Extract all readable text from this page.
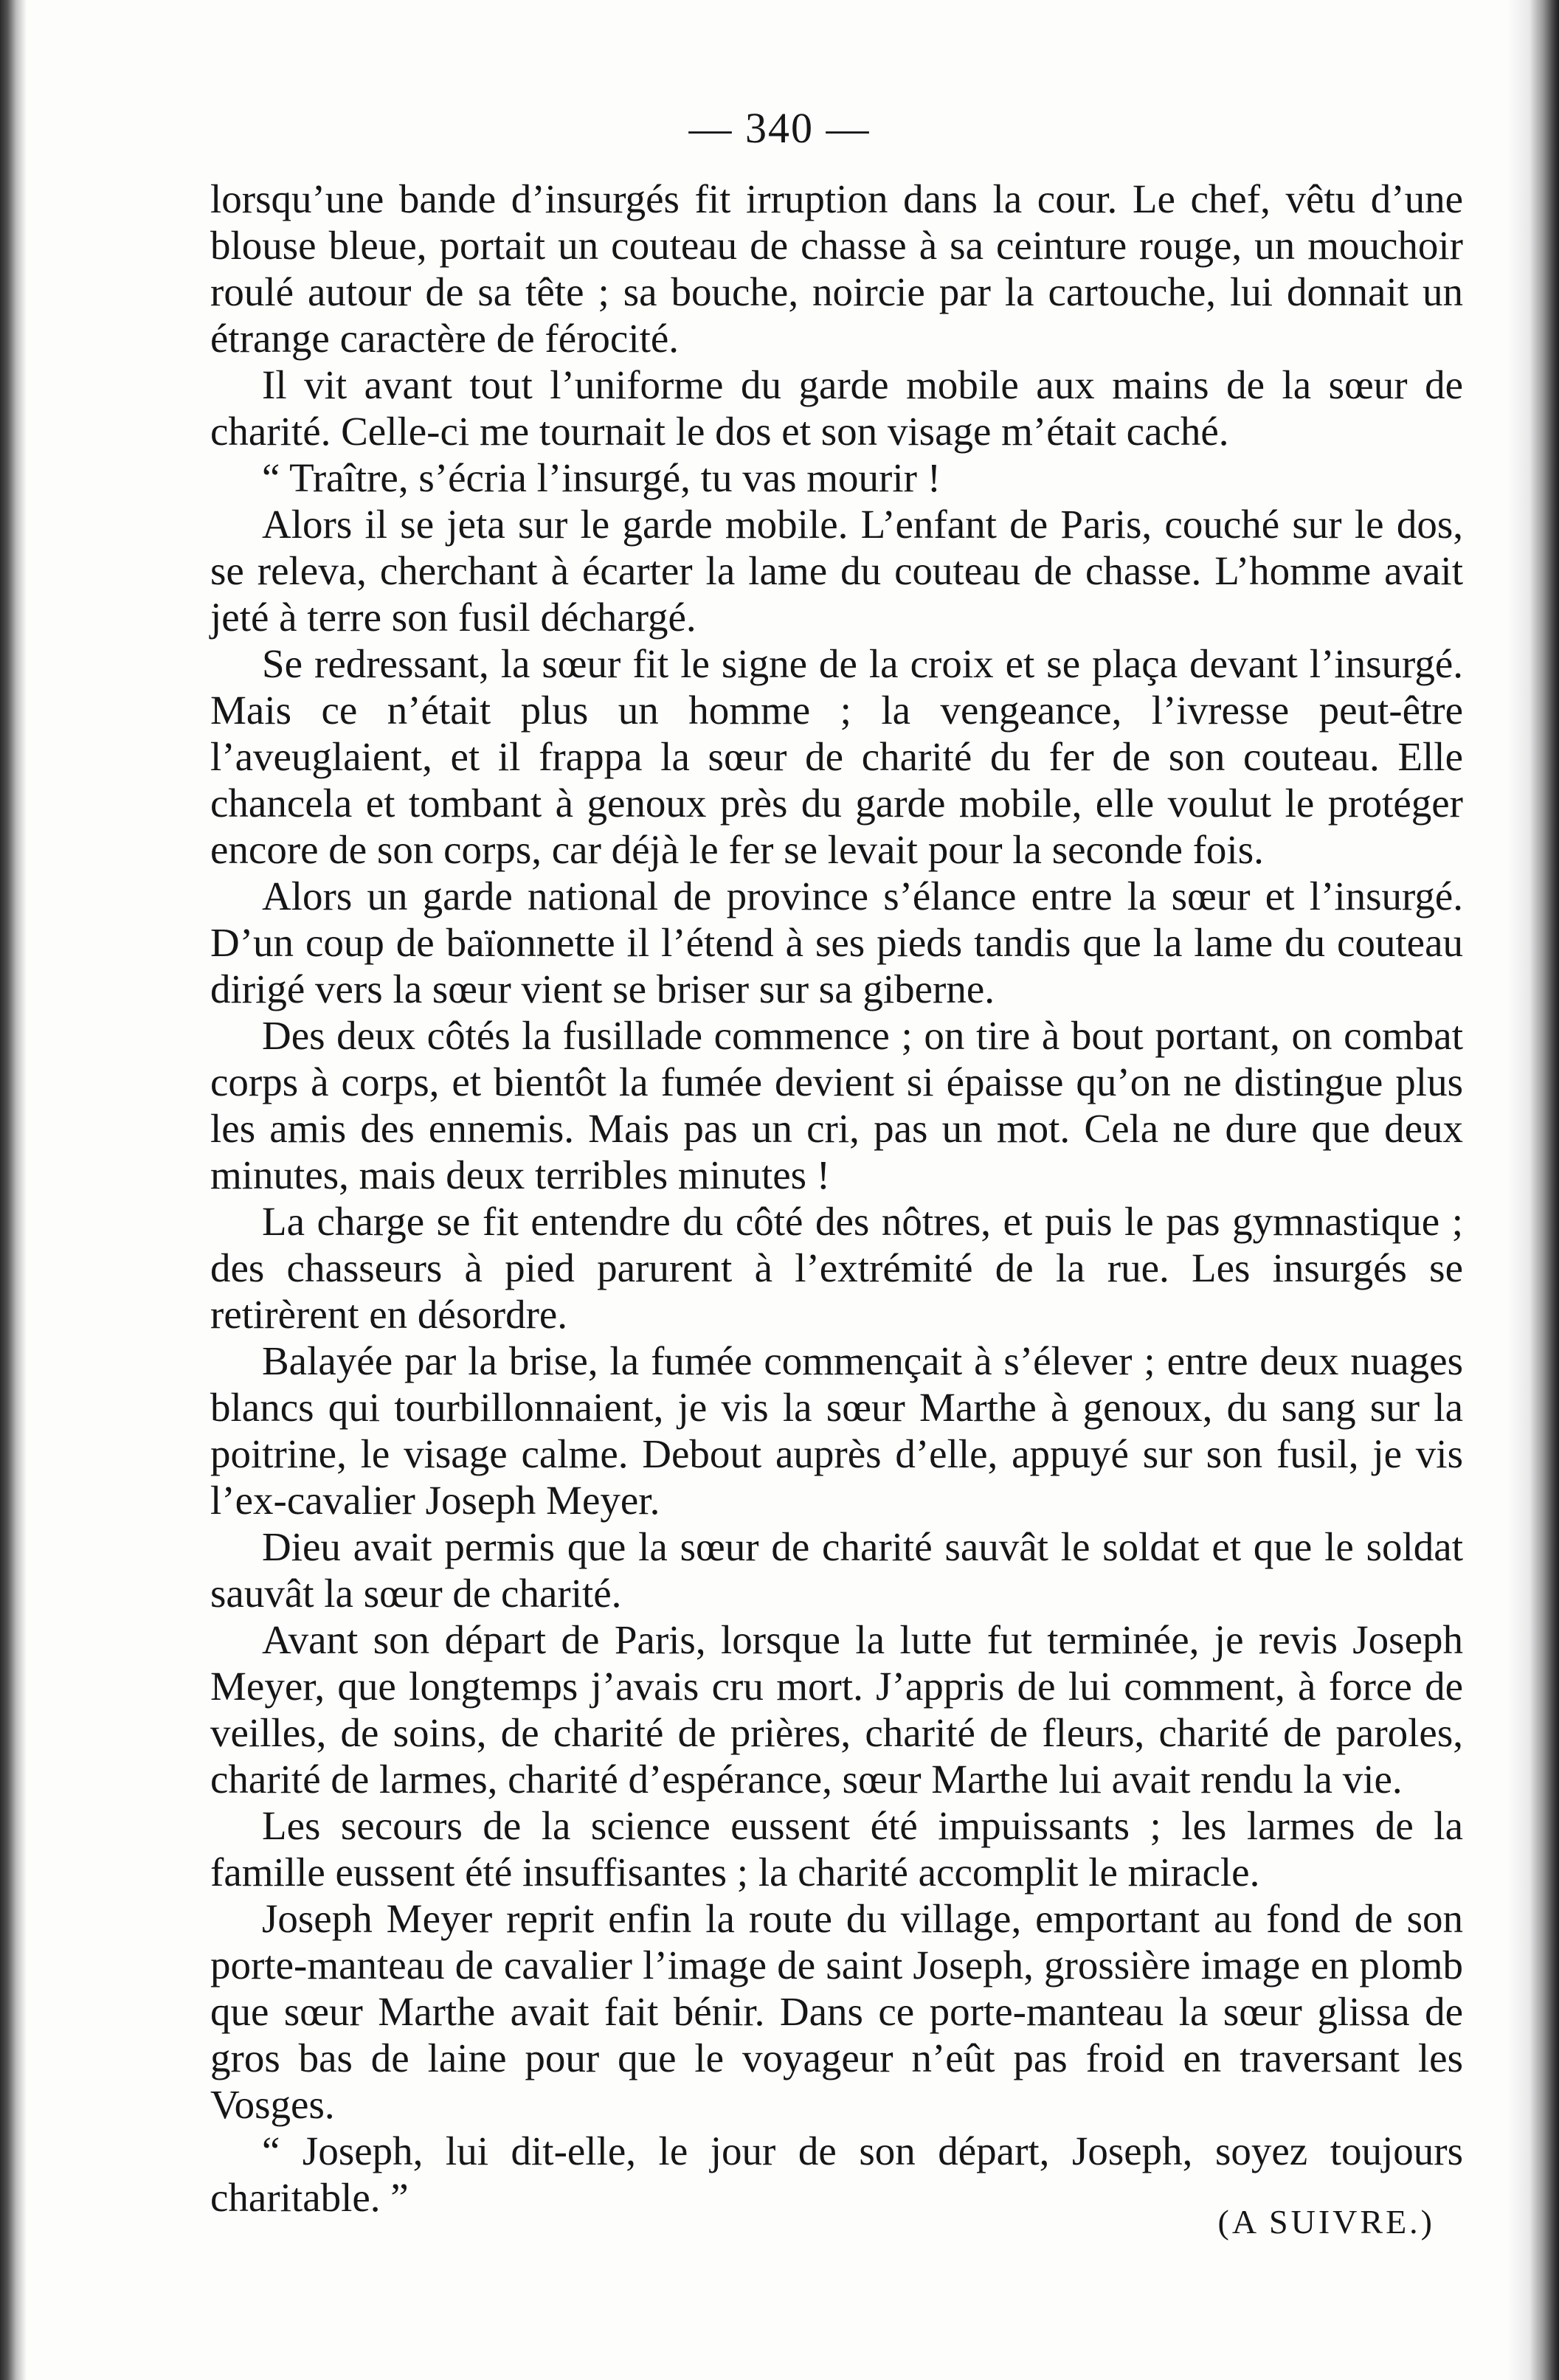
— 340 —

lorsqu’une bande d’insurgés fit irruption dans la cour. Le chef, vêtu d’une blouse bleue, portait un couteau de chasse à sa ceinture rouge, un mouchoir roulé autour de sa tête ; sa bouche, noircie par la cartouche, lui donnait un étrange caractère de férocité.

Il vit avant tout l’uniforme du garde mobile aux mains de la sœur de charité. Celle-ci me tournait le dos et son visage m’était caché.

“ Traître, s’écria l’insurgé, tu vas mourir !

Alors il se jeta sur le garde mobile. L’enfant de Paris, couché sur le dos, se releva, cherchant à écarter la lame du couteau de chasse. L’homme avait jeté à terre son fusil déchargé.

Se redressant, la sœur fit le signe de la croix et se plaça devant l’insurgé. Mais ce n’était plus un homme ; la vengeance, l’ivresse peut-être l’aveuglaient, et il frappa la sœur de charité du fer de son couteau. Elle chancela et tombant à genoux près du garde mobile, elle voulut le protéger encore de son corps, car déjà le fer se levait pour la seconde fois.

Alors un garde national de province s’élance entre la sœur et l’insurgé. D’un coup de baïonnette il l’étend à ses pieds tandis que la lame du couteau dirigé vers la sœur vient se briser sur sa giberne.

Des deux côtés la fusillade commence ; on tire à bout portant, on combat corps à corps, et bientôt la fumée devient si épaisse qu’on ne distingue plus les amis des ennemis. Mais pas un cri, pas un mot. Cela ne dure que deux minutes, mais deux terribles minutes !

La charge se fit entendre du côté des nôtres, et puis le pas gymnastique ; des chasseurs à pied parurent à l’extrémité de la rue. Les insurgés se retirèrent en désordre.

Balayée par la brise, la fumée commençait à s’élever ; entre deux nuages blancs qui tourbillonnaient, je vis la sœur Marthe à genoux, du sang sur la poitrine, le visage calme. Debout auprès d’elle, appuyé sur son fusil, je vis l’ex-cavalier Joseph Meyer.

Dieu avait permis que la sœur de charité sauvât le soldat et que le soldat sauvât la sœur de charité.

Avant son départ de Paris, lorsque la lutte fut terminée, je revis Joseph Meyer, que longtemps j’avais cru mort. J’appris de lui comment, à force de veilles, de soins, de charité de prières, charité de fleurs, charité de paroles, charité de larmes, charité d’espérance, sœur Marthe lui avait rendu la vie.

Les secours de la science eussent été impuissants ; les larmes de la famille eussent été insuffisantes ; la charité accomplit le miracle.

Joseph Meyer reprit enfin la route du village, emportant au fond de son porte-manteau de cavalier l’image de saint Joseph, grossière image en plomb que sœur Marthe avait fait bénir. Dans ce porte-manteau la sœur glissa de gros bas de laine pour que le voyageur n’eût pas froid en traversant les Vosges.

“ Joseph, lui dit-elle, le jour de son départ, Joseph, soyez toujours charitable. ”

(A SUIVRE.)
